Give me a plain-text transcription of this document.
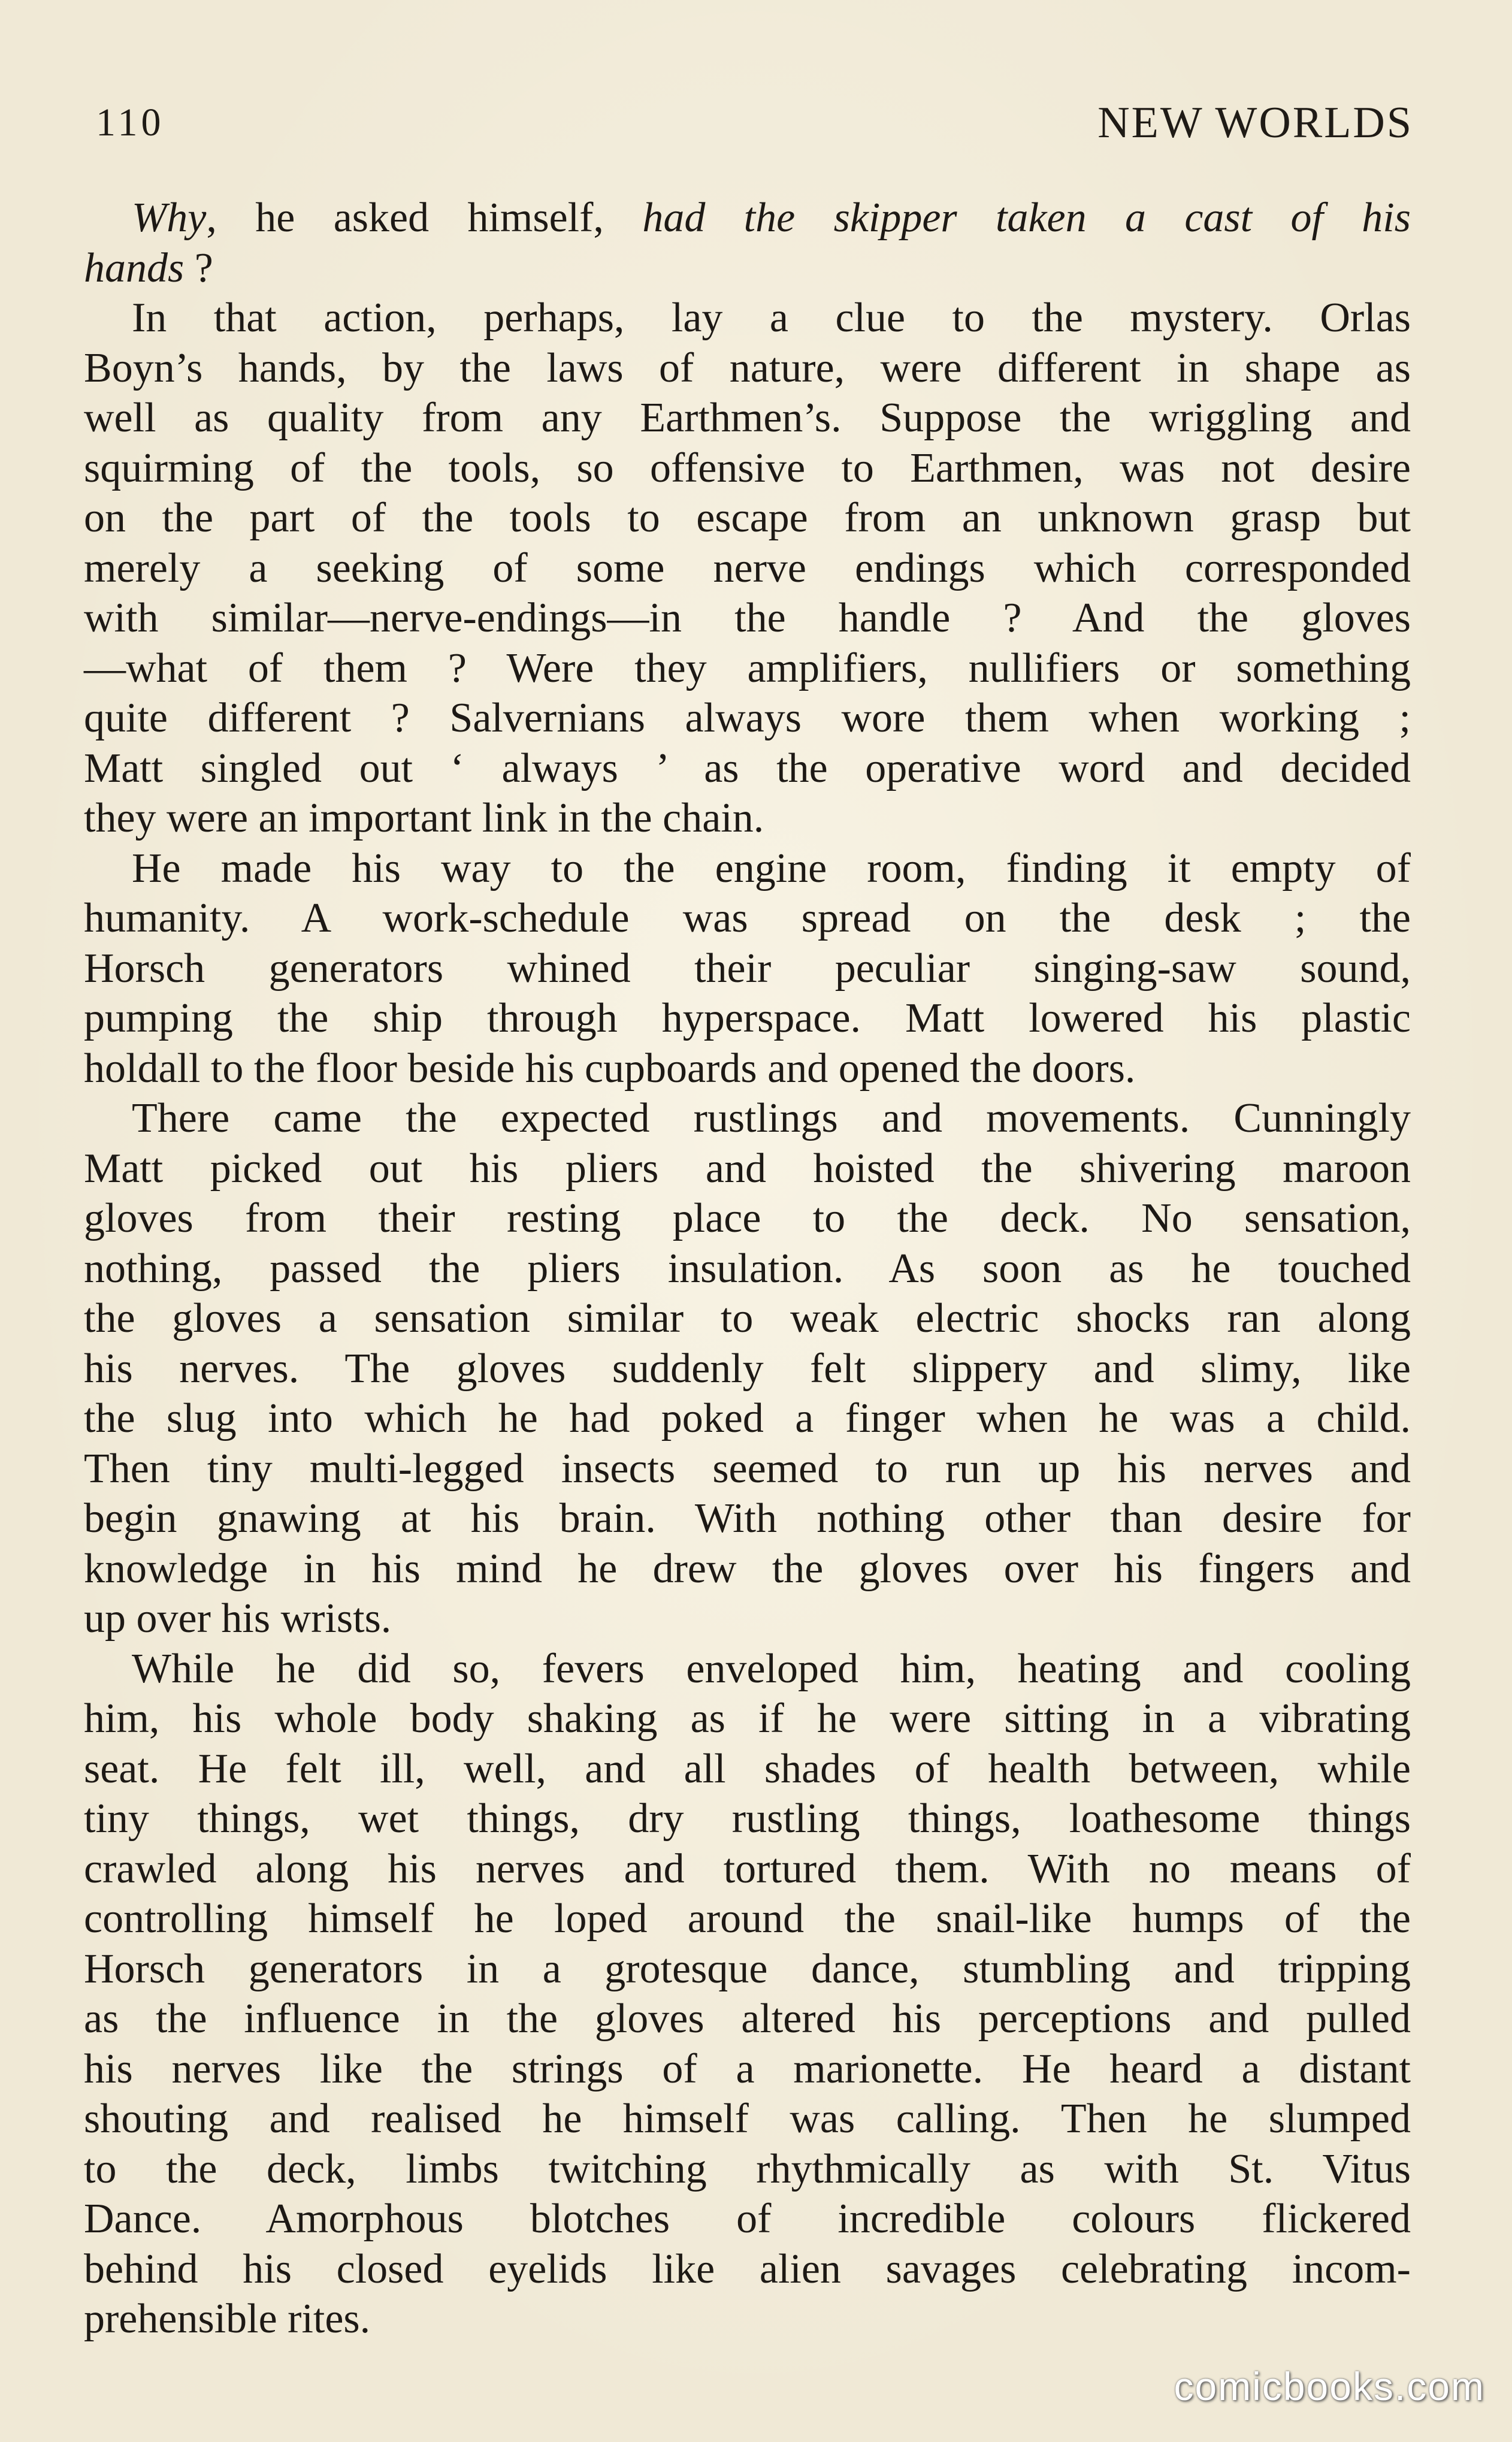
110	NEW WORLDS
Why, he asked himself, had the skipper taken a cast of his
hands ?
In that action, perhaps, lay a clue to the mystery. Orlas
Boyn’s hands, by the laws of nature, were different in shape as
well as quality from any Earthmen’s. Suppose the wriggling and
squirming of the tools, so offensive to Earthmen, was not desire
on the part of the tools to escape from an unknown grasp but
merely a seeking of some nerve endings which corresponded
with similar—nerve-endings—in the handle ? And the gloves
—what of them ? Were they amplifiers, nullifiers or something
quite different ? Salvernians always wore them when working ;
Matt singled out ‘ always ’ as the operative word and decided
they were an important link in the chain.
He made his way to the engine room, finding it empty of
humanity. A work-schedule was spread on the desk ; the
Horsch generators whined their peculiar singing-saw sound,
pumping the ship through hyperspace. Matt lowered his plastic
holdall to the floor beside his cupboards and opened the doors.
There came the expected rustlings and movements. Cunningly
Matt picked out his pliers and hoisted the shivering maroon
gloves from their resting place to the deck. No sensation,
nothing, passed the pliers insulation. As soon as he touched
the gloves a sensation similar to weak electric shocks ran along
his nerves. The gloves suddenly felt slippery and slimy, like
the slug into which he had poked a finger when he was a child.
Then tiny multi-legged insects seemed to run up his nerves and
begin gnawing at his brain. With nothing other than desire for
knowledge in his mind he drew the gloves over his fingers and
up over his wrists.
While he did so, fevers enveloped him, heating and cooling
him, his whole body shaking as if he were sitting in a vibrating
seat. He felt ill, well, and all shades of health between, while
tiny things, wet things, dry rustling things, loathesome things
crawled along his nerves and tortured them. With no means of
controlling himself he loped around the snail-like humps of the
Horsch generators in a grotesque dance, stumbling and tripping
as the influence in the gloves altered his perceptions and pulled
his nerves like the strings of a marionette. He heard a distant
shouting and realised he himself was calling. Then he slumped
to the deck, limbs twitching rhythmically as with St. Vitus
Dance. Amorphous blotches of incredible colours flickered
behind his closed eyelids like alien savages celebrating incom-
prehensible rites.
comicbooks.com
